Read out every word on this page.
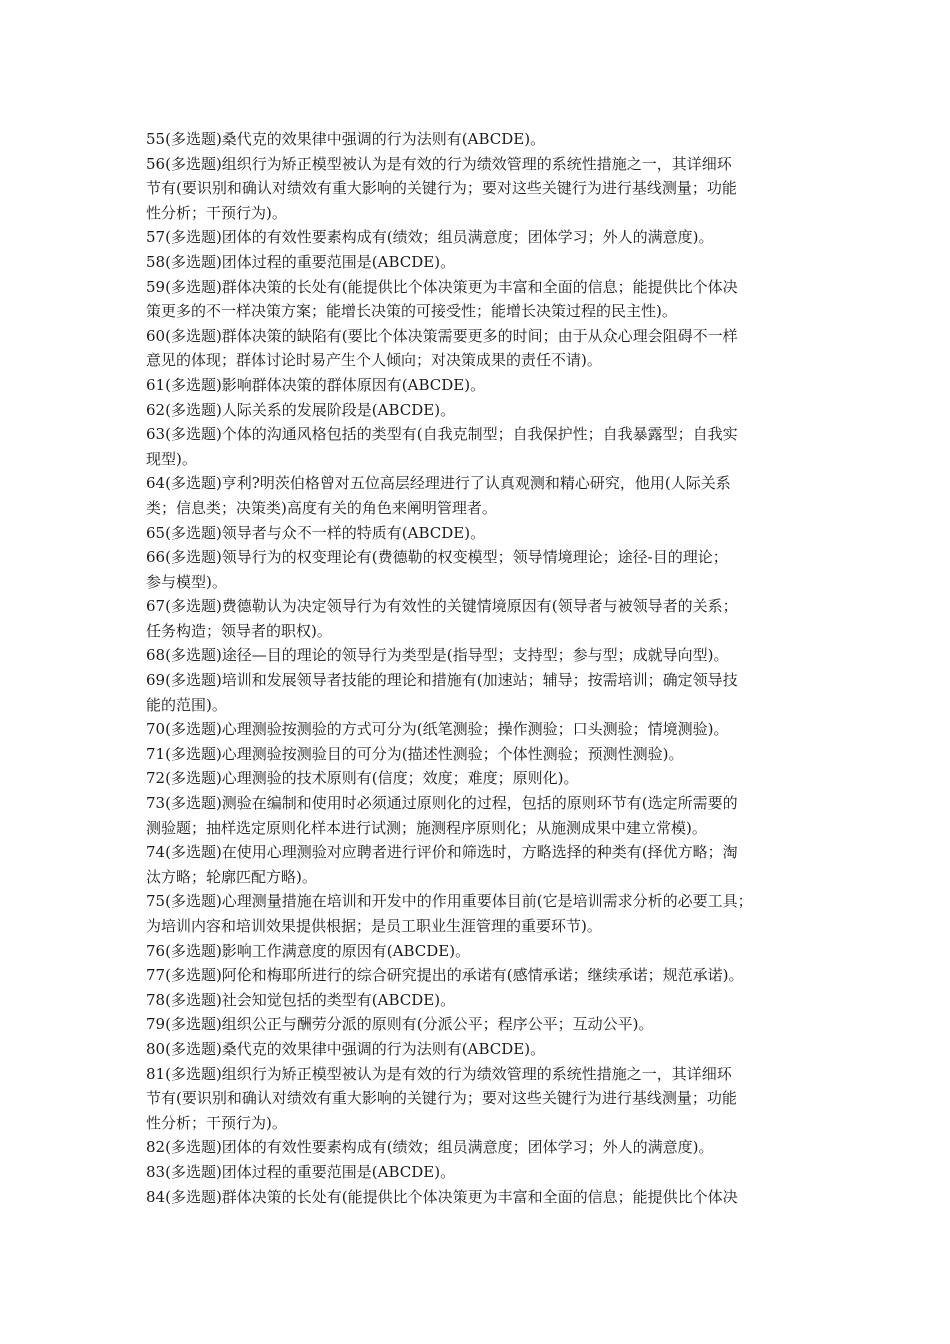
55(多选题)桑代克的效果律中强调的行为法则有(ABCDE)。
56(多选题)组织行为矫正模型被认为是有效的行为绩效管理的系统性措施之一，其详细环
节有(要识别和确认对绩效有重大影响的关键行为；要对这些关键行为进行基线测量；功能
性分析；干预行为)。
57(多选题)团体的有效性要素构成有(绩效；组员满意度；团体学习；外人的满意度)。
58(多选题)团体过程的重要范围是(ABCDE)。
59(多选题)群体决策的长处有(能提供比个体决策更为丰富和全面的信息；能提供比个体决
策更多的不一样决策方案；能增长决策的可接受性；能增长决策过程的民主性)。
60(多选题)群体决策的缺陷有(要比个体决策需要更多的时间；由于从众心理会阻碍不一样
意见的体现；群体讨论时易产生个人倾向；对决策成果的责任不请)。
61(多选题)影响群体决策的群体原因有(ABCDE)。
62(多选题)人际关系的发展阶段是(ABCDE)。
63(多选题)个体的沟通风格包括的类型有(自我克制型；自我保护性；自我暴露型；自我实
现型)。
64(多选题)亨利?明茨伯格曾对五位高层经理进行了认真观测和精心研究，他用(人际关系
类；信息类；决策类)高度有关的角色来阐明管理者。
65(多选题)领导者与众不一样的特质有(ABCDE)。
66(多选题)领导行为的权变理论有(费德勒的权变模型；领导情境理论；途径-目的理论；
参与模型)。
67(多选题)费德勒认为决定领导行为有效性的关键情境原因有(领导者与被领导者的关系；
任务构造；领导者的职权)。
68(多选题)途径—目的理论的领导行为类型是(指导型；支持型；参与型；成就导向型)。
69(多选题)培训和发展领导者技能的理论和措施有(加速站；辅导；按需培训；确定领导技
能的范围)。
70(多选题)心理测验按测验的方式可分为(纸笔测验；操作测验；口头测验；情境测验)。
71(多选题)心理测验按测验目的可分为(描述性测验；个体性测验；预测性测验)。
72(多选题)心理测验的技术原则有(信度；效度；难度；原则化)。
73(多选题)测验在编制和使用时必须通过原则化的过程，包括的原则环节有(选定所需要的
测验题；抽样选定原则化样本进行试测；施测程序原则化；从施测成果中建立常模)。
74(多选题)在使用心理测验对应聘者进行评价和筛选时，方略选择的种类有(择优方略；淘
汰方略；轮廓匹配方略)。
75(多选题)心理测量措施在培训和开发中的作用重要体目前(它是培训需求分析的必要工具；
为培训内容和培训效果提供根据；是员工职业生涯管理的重要环节)。
76(多选题)影响工作满意度的原因有(ABCDE)。
77(多选题)阿伦和梅耶所进行的综合研究提出的承诺有(感情承诺；继续承诺；规范承诺)。
78(多选题)社会知觉包括的类型有(ABCDE)。
79(多选题)组织公正与酬劳分派的原则有(分派公平；程序公平；互动公平)。
80(多选题)桑代克的效果律中强调的行为法则有(ABCDE)。
81(多选题)组织行为矫正模型被认为是有效的行为绩效管理的系统性措施之一，其详细环
节有(要识别和确认对绩效有重大影响的关键行为；要对这些关键行为进行基线测量；功能
性分析；干预行为)。
82(多选题)团体的有效性要素构成有(绩效；组员满意度；团体学习；外人的满意度)。
83(多选题)团体过程的重要范围是(ABCDE)。
84(多选题)群体决策的长处有(能提供比个体决策更为丰富和全面的信息；能提供比个体决
